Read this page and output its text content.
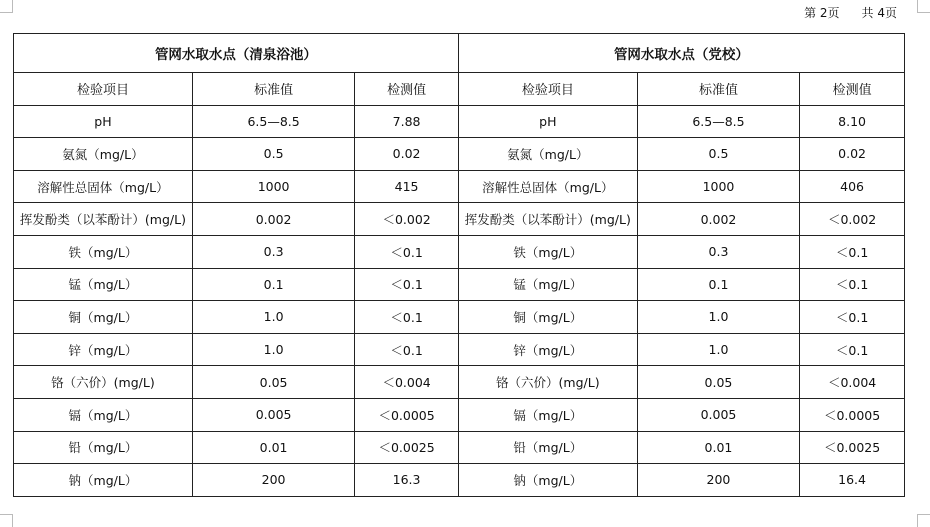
第 2页 共 4页
管网水取水点（清泉浴池）			管网水取水点（党校）		
检验项目	标准值	检测值	检验项目	标准值	检测值
pH	6.5—8.5	7.88	pH	6.5—8.5	8.10
氨氮（mg/L）	0.5	0.02	氨氮（mg/L）	0.5	0.02
溶解性总固体（mg/L）	1000	415	溶解性总固体（mg/L）	1000	406
挥发酚类（以苯酚计）(mg/L)	0.002	＜0.002	挥发酚类（以苯酚计）(mg/L)	0.002	＜0.002
铁（mg/L）	0.3	＜0.1	铁（mg/L）	0.3	＜0.1
锰（mg/L）	0.1	＜0.1	锰（mg/L）	0.1	＜0.1
铜（mg/L）	1.0	＜0.1	铜（mg/L）	1.0	＜0.1
锌（mg/L）	1.0	＜0.1	锌（mg/L）	1.0	＜0.1
铬（六价）(mg/L)	0.05	＜0.004	铬（六价）(mg/L)	0.05	＜0.004
镉（mg/L）	0.005	＜0.0005	镉（mg/L）	0.005	＜0.0005
铅（mg/L）	0.01	＜0.0025	铅（mg/L）	0.01	＜0.0025
钠（mg/L）	200	16.3	钠（mg/L）	200	16.4
